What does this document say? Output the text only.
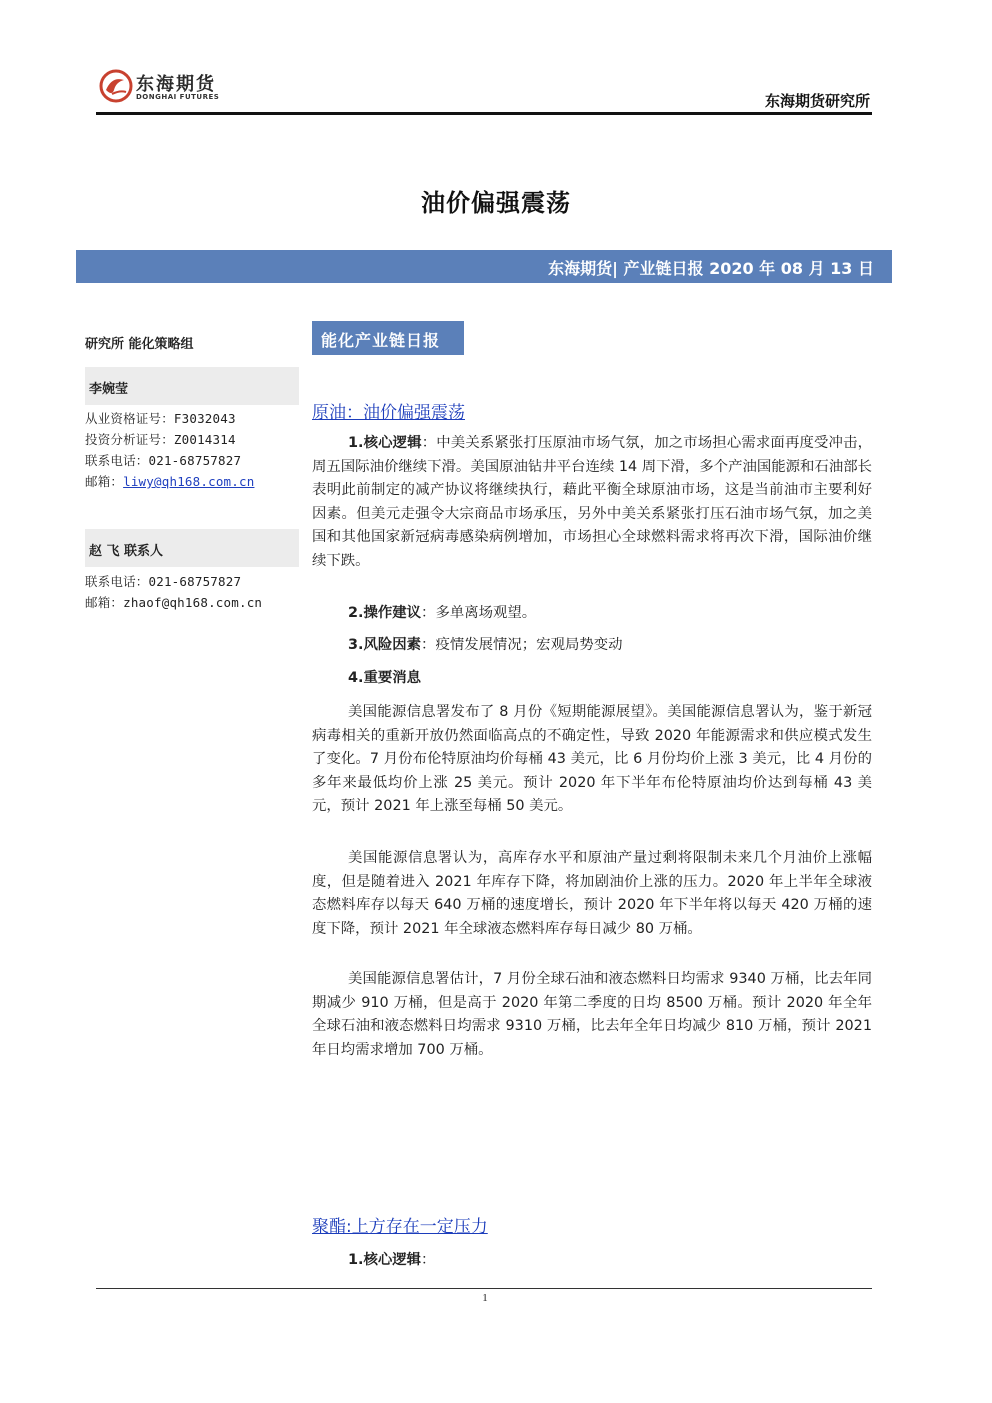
东海期货
DONGHAI FUTURES	东海期货研究所
油价偏强震荡
东海期货| 产业链日报 2020 年 08 月 13 日
研究所 能化策略组
李婉莹
从业资格证号：F3032043
投资分析证号：Z0014314
联系电话：021-68757827
邮箱：liwy@qh168.com.cn
赵 飞 联系人
联系电话：021-68757827
邮箱：zhaof@qh168.com.cn
能化产业链日报
原油：油价偏强震荡
1.核心逻辑：中美关系紧张打压原油市场气氛，加之市场担心需求面再度受冲击，周五国际油价继续下滑。美国原油钻井平台连续 14 周下滑，多个产油国能源和石油部长表明此前制定的减产协议将继续执行，藉此平衡全球原油市场，这是当前油市主要利好因素。但美元走强令大宗商品市场承压，另外中美关系紧张打压石油市场气氛，加之美国和其他国家新冠病毒感染病例增加，市场担心全球燃料需求将再次下滑，国际油价继续下跌。
2.操作建议：多单离场观望。
3.风险因素：疫情发展情况；宏观局势变动
4.重要消息
美国能源信息署发布了 8 月份《短期能源展望》。美国能源信息署认为，鉴于新冠病毒相关的重新开放仍然面临高点的不确定性，导致 2020 年能源需求和供应模式发生了变化。7 月份布伦特原油均价每桶 43 美元，比 6 月份均价上涨 3 美元，比 4 月份的多年来最低均价上涨 25 美元。预计 2020 年下半年布伦特原油均价达到每桶 43 美元，预计 2021 年上涨至每桶 50 美元。
美国能源信息署认为，高库存水平和原油产量过剩将限制未来几个月油价上涨幅度，但是随着进入 2021 年库存下降，将加剧油价上涨的压力。2020 年上半年全球液态燃料库存以每天 640 万桶的速度增长，预计 2020 年下半年将以每天 420 万桶的速度下降，预计 2021 年全球液态燃料库存每日减少 80 万桶。
美国能源信息署估计，7 月份全球石油和液态燃料日均需求 9340 万桶，比去年同期减少 910 万桶，但是高于 2020 年第二季度的日均 8500 万桶。预计 2020 年全年全球石油和液态燃料日均需求 9310 万桶，比去年全年日均减少 810 万桶，预计 2021 年日均需求增加 700 万桶。
聚酯:上方存在一定压力
1.核心逻辑：
1
